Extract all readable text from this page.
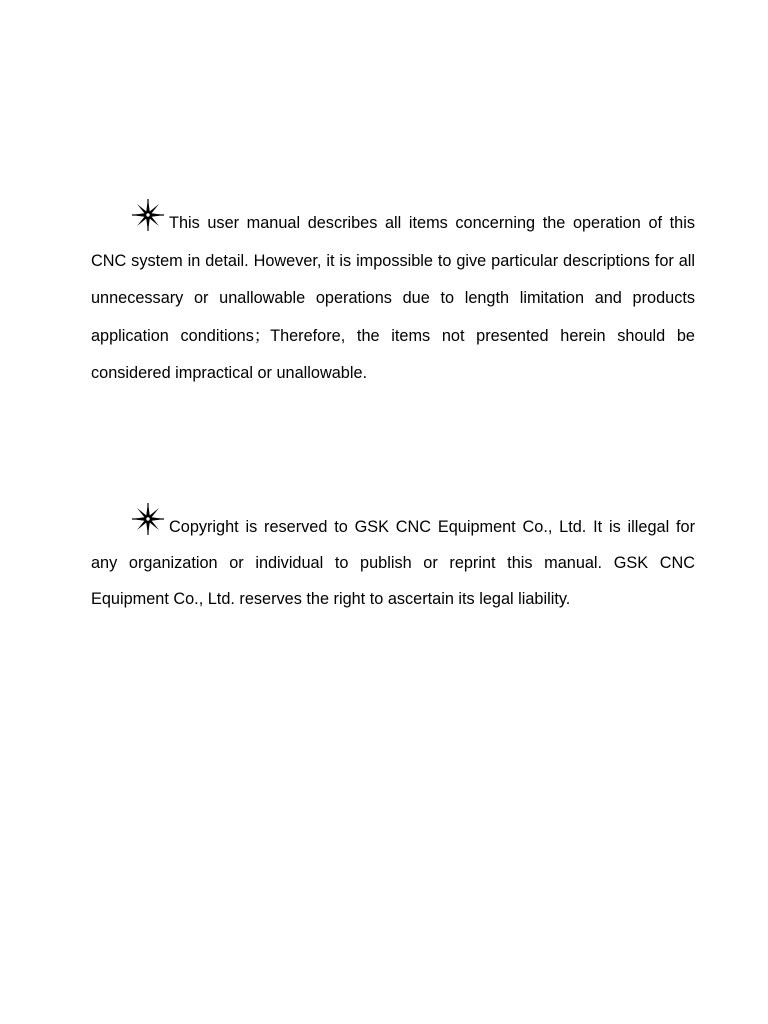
This user manual describes all items concerning the operation of this CNC system in detail. However, it is impossible to give particular descriptions for all unnecessary or unallowable operations due to length limitation and products application conditions；Therefore, the items not presented herein should be considered impractical or unallowable.

Copyright is reserved to GSK CNC Equipment Co., Ltd. It is illegal for any organization or individual to publish or reprint this manual. GSK CNC Equipment Co., Ltd. reserves the right to ascertain its legal liability.
